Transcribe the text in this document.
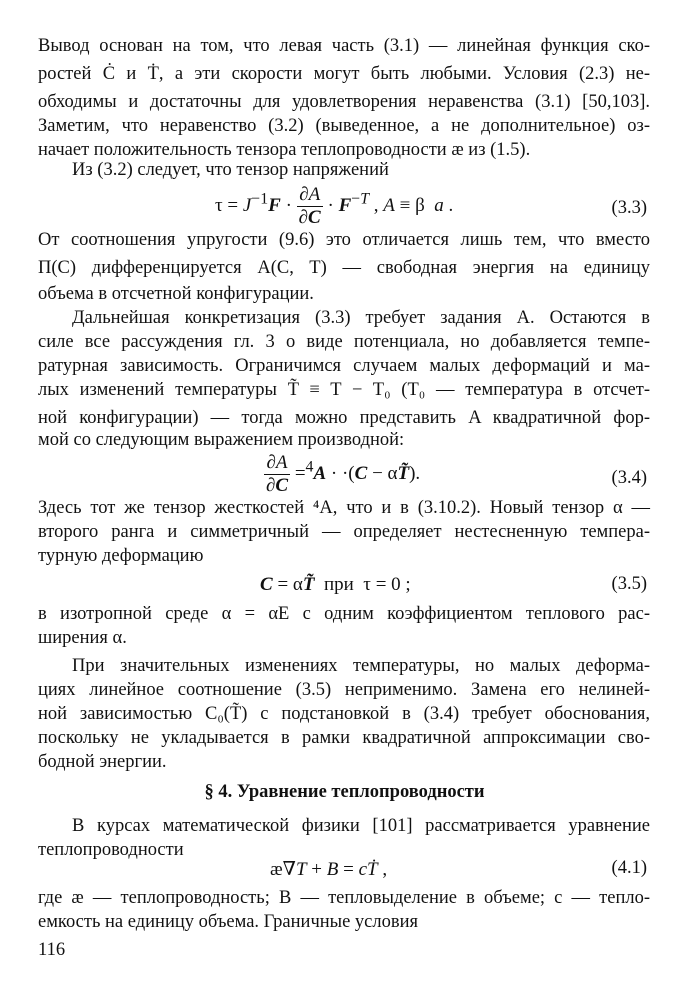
Вывод основан на том, что левая часть (3.1) — линейная функция ско-
ростей Ċ и Ṫ, а эти скорости могут быть любыми. Условия (2.3) не-
обходимы и достаточны для удовлетворения неравенства (3.1) [50,103].
Заметим, что неравенство (3.2) (выведенное, а не дополнительное) оз-
начает положительность тензора теплопроводности æ из (1.5).
Из (3.2) следует, что тензор напряжений
$\tau = J^{-1}F \cdot \frac{\partial A}{\partial C} \cdot F^{-T}$ , A ≡ β  a .	(3.3)
От соотношения упругости (9.6) это отличается лишь тем, что вместо
Π(C) дифференцируется A(C, T) — свободная энергия на единицу
объема в отсчетной конфигурации.
Дальнейшая конкретизация (3.3) требует задания A. Остаются в
силе все рассуждения гл. 3 о виде потенциала, но добавляется темпе-
ратурная зависимость. Ограничимся случаем малых деформаций и ма-
лых изменений температуры T̃ ≡ T − T₀ (T₀ — температура в отсчет-
ной конфигурации) — тогда можно представить A квадратичной фор-
мой со следующим выражением производной:
$\frac{\partial A}{\partial C} =^4A \cdot \cdot(C$ − αT̃).	(3.4)
Здесь тот же тензор жесткостей ⁴A, что и в (3.10.2). Новый тензор α —
второго ранга и симметричный — определяет нестесненную темпера-
турную деформацию
C = αT̃  при  τ = 0 ;	(3.5)
в изотропной среде α = αE с одним коэффициентом теплового рас-
ширения α.
При значительных изменениях температуры, но малых деформа-
циях линейное соотношение (3.5) неприменимо. Замена его нелиней-
ной зависимостью C₀(T̃) с подстановкой в (3.4) требует обоснования,
поскольку не укладывается в рамки квадратичной аппроксимации сво-
бодной энергии.
§ 4. Уравнение теплопроводности
В курсах математической физики [101] рассматривается уравнение
теплопроводности
æ∇T + B = cṪ ,	(4.1)
где æ — теплопроводность; B — тепловыделение в объеме; c — тепло-
емкость на единицу объема. Граничные условия
116
